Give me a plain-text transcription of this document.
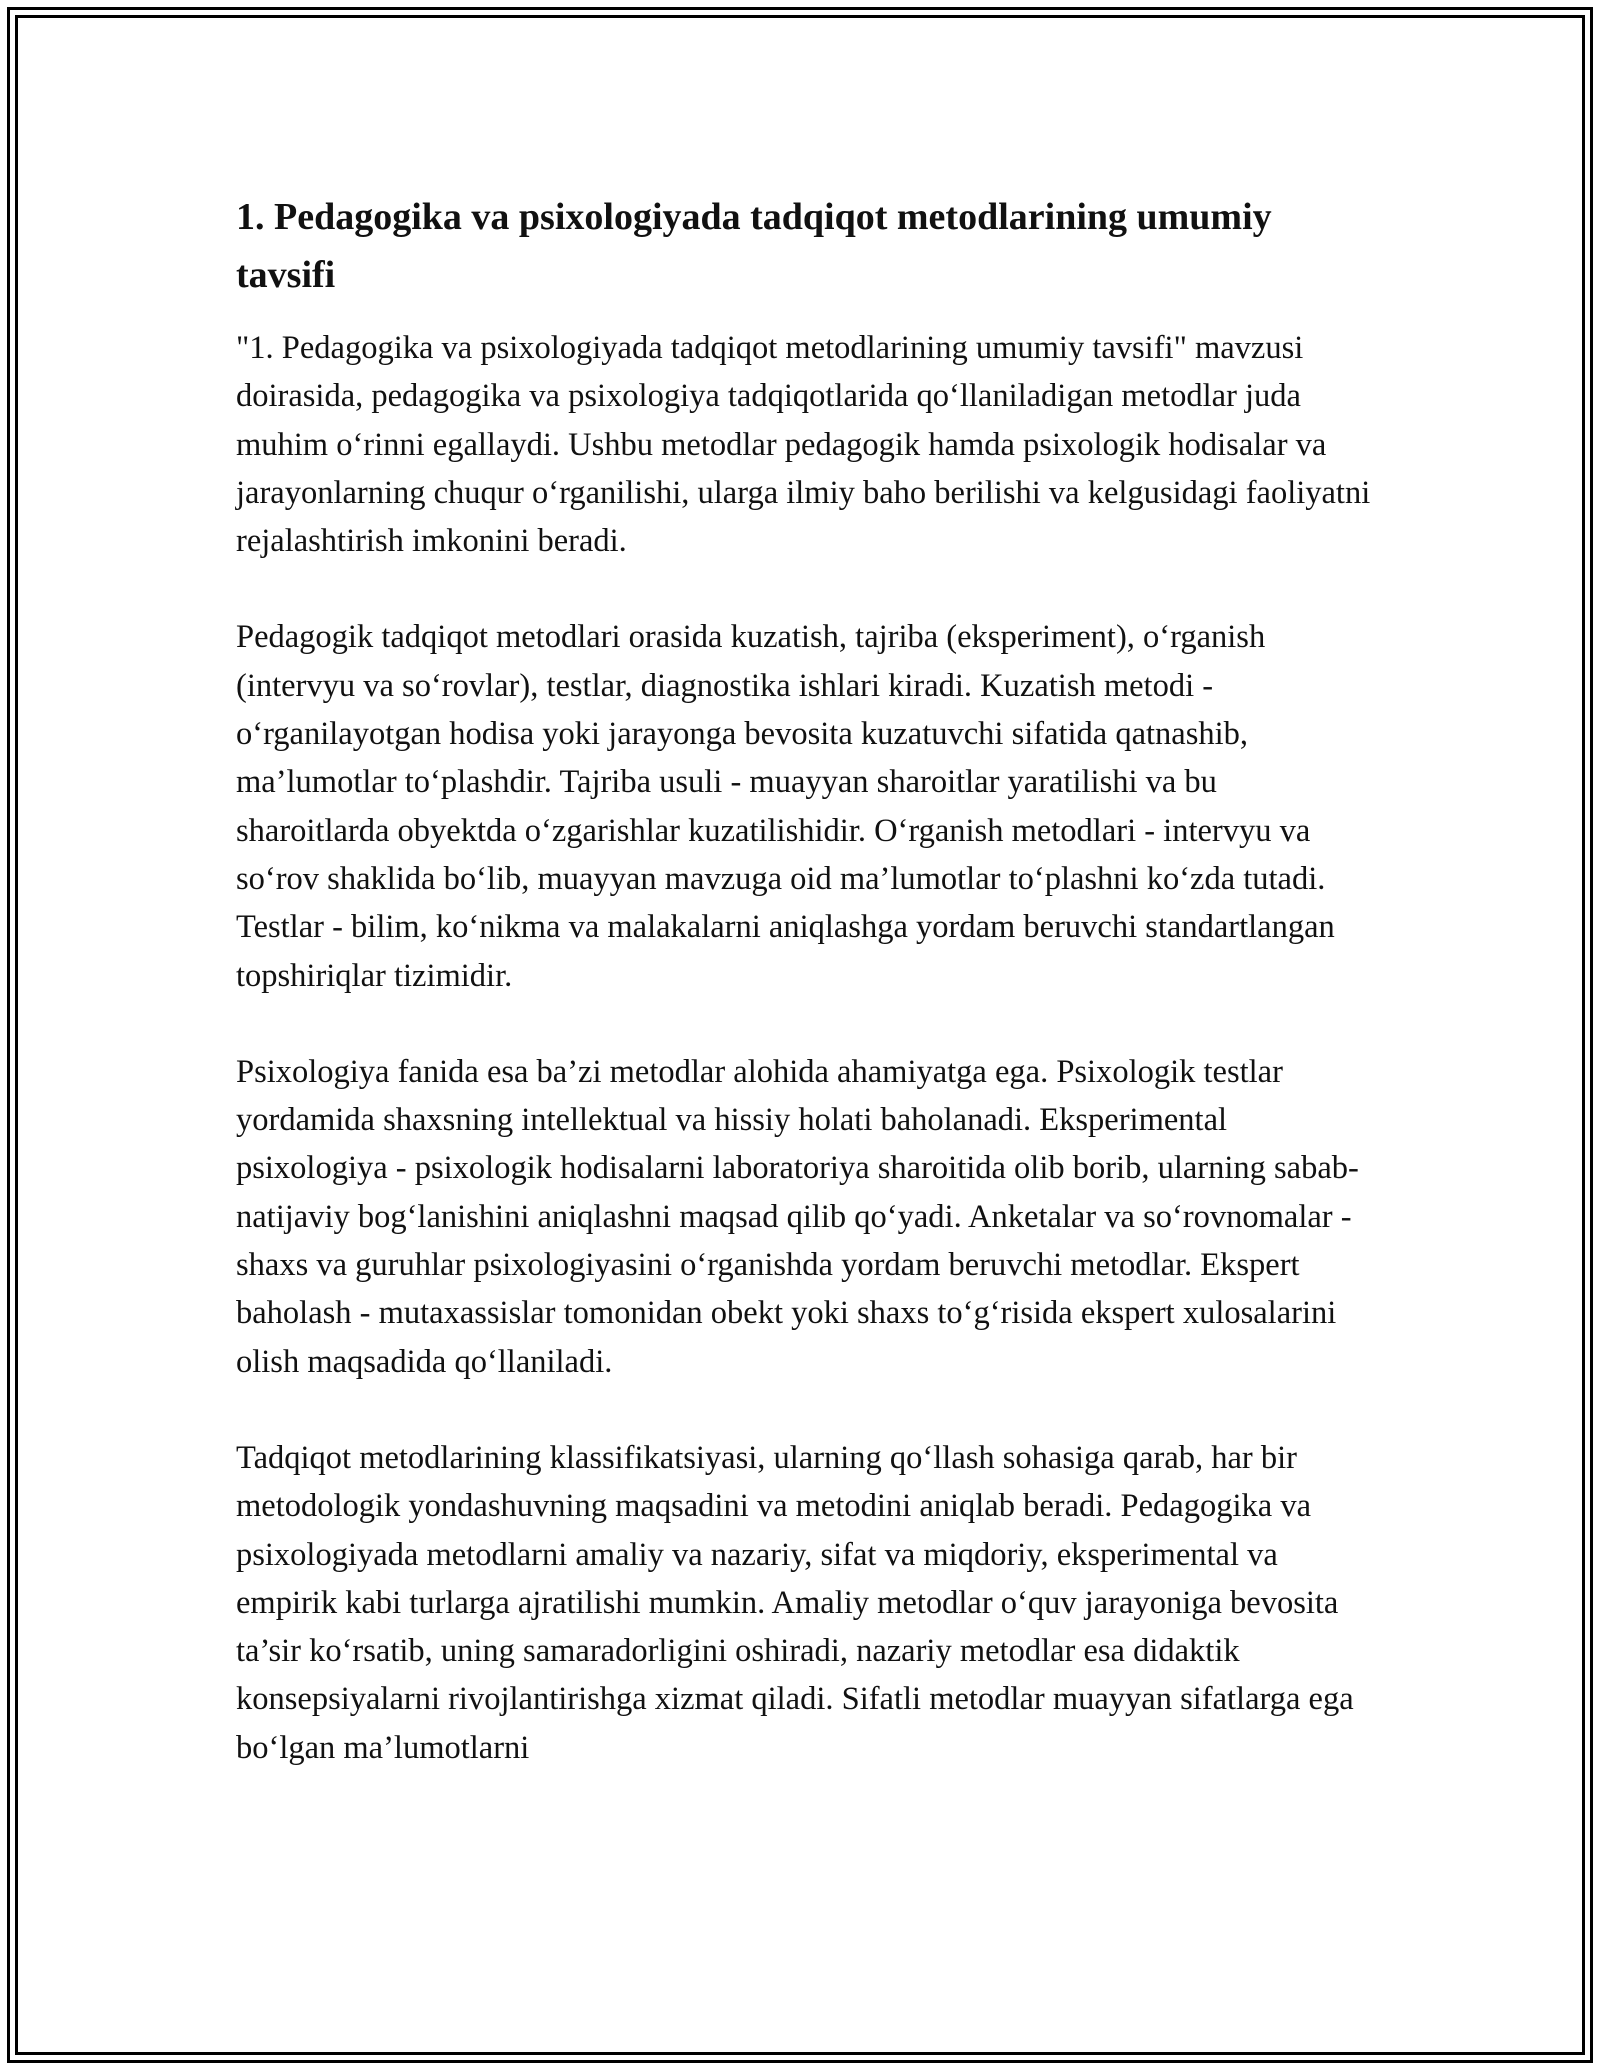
1. Pedagogika va psixologiyada tadqiqot metodlarining umumiy tavsifi

"1. Pedagogika va psixologiyada tadqiqot metodlarining umumiy tavsifi" mavzusi doirasida, pedagogika va psixologiya tadqiqotlarida qo‘llaniladigan metodlar juda muhim o‘rinni egallaydi. Ushbu metodlar pedagogik hamda psixologik hodisalar va jarayonlarning chuqur o‘rganilishi, ularga ilmiy baho berilishi va kelgusidagi faoliyatni rejalashtirish imkonini beradi.

Pedagogik tadqiqot metodlari orasida kuzatish, tajriba (eksperiment), o‘rganish (intervyu va so‘rovlar), testlar, diagnostika ishlari kiradi. Kuzatish metodi - o‘rganilayotgan hodisa yoki jarayonga bevosita kuzatuvchi sifatida qatnashib, ma’lumotlar to‘plashdir. Tajriba usuli - muayyan sharoitlar yaratilishi va bu sharoitlarda obyektda o‘zgarishlar kuzatilishidir. O‘rganish metodlari - intervyu va so‘rov shaklida bo‘lib, muayyan mavzuga oid ma’lumotlar to‘plashni ko‘zda tutadi. Testlar - bilim, ko‘nikma va malakalarni aniqlashga yordam beruvchi standartlangan topshiriqlar tizimidir.

Psixologiya fanida esa ba’zi metodlar alohida ahamiyatga ega. Psixologik testlar yordamida shaxsning intellektual va hissiy holati baholanadi. Eksperimental psixologiya - psixologik hodisalarni laboratoriya sharoitida olib borib, ularning sabab-natijaviy bog‘lanishini aniqlashni maqsad qilib qo‘yadi. Anketalar va so‘rovnomalar - shaxs va guruhlar psixologiyasini o‘rganishda yordam beruvchi metodlar. Ekspert baholash - mutaxassislar tomonidan obekt yoki shaxs to‘g‘risida ekspert xulosalarini olish maqsadida qo‘llaniladi.

Tadqiqot metodlarining klassifikatsiyasi, ularning qo‘llash sohasiga qarab, har bir metodologik yondashuvning maqsadini va metodini aniqlab beradi. Pedagogika va psixologiyada metodlarni amaliy va nazariy, sifat va miqdoriy, eksperimental va empirik kabi turlarga ajratilishi mumkin. Amaliy metodlar o‘quv jarayoniga bevosita ta’sir ko‘rsatib, uning samaradorligini oshiradi, nazariy metodlar esa didaktik konsepsiyalarni rivojlantirishga xizmat qiladi. Sifatli metodlar muayyan sifatlarga ega bo‘lgan ma’lumotlarni
